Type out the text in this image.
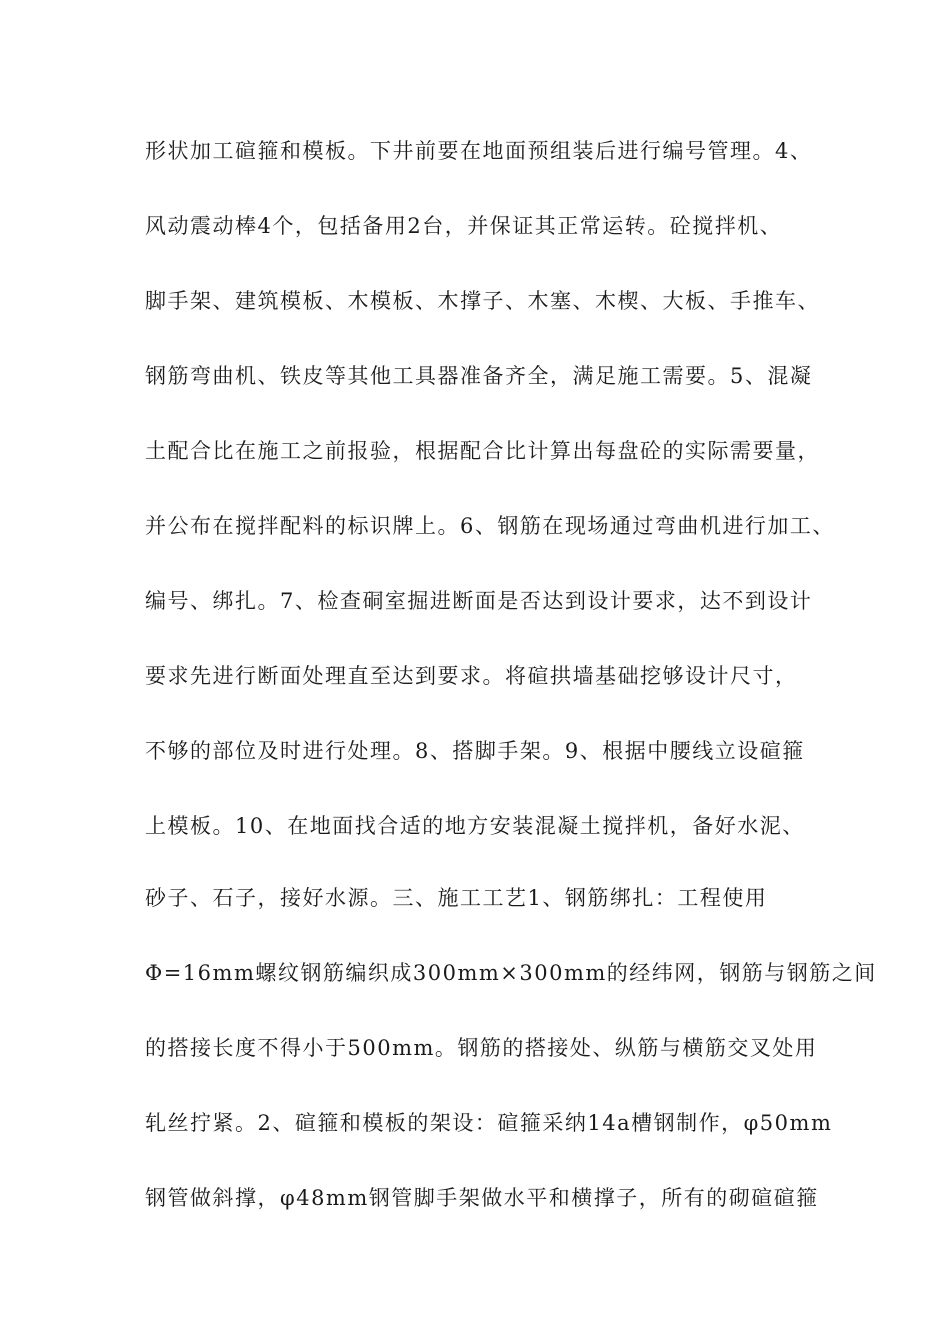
形状加工碹箍和模板。下井前要在地面预组装后进行编号管理。4、
风动震动棒4个，包括备用2台，并保证其正常运转。砼搅拌机、
脚手架、建筑模板、木模板、木撑子、木塞、木楔、大板、手推车、
钢筋弯曲机、铁皮等其他工具器准备齐全，满足施工需要。5、混凝
土配合比在施工之前报验，根据配合比计算出每盘砼的实际需要量，
并公布在搅拌配料的标识牌上。6、钢筋在现场通过弯曲机进行加工、
编号、绑扎。7、检查硐室掘进断面是否达到设计要求，达不到设计
要求先进行断面处理直至达到要求。将碹拱墙基础挖够设计尺寸，
不够的部位及时进行处理。8、搭脚手架。9、根据中腰线立设碹箍
上模板。10、在地面找合适的地方安装混凝土搅拌机，备好水泥、
砂子、石子，接好水源。三、施工工艺1、钢筋绑扎：工程使用
Φ=16mm螺纹钢筋编织成300mm×300mm的经纬网，钢筋与钢筋之间
的搭接长度不得小于500mm。钢筋的搭接处、纵筋与横筋交叉处用
轧丝拧紧。2、碹箍和模板的架设：碹箍采纳14a槽钢制作，φ50mm
钢管做斜撑，φ48mm钢管脚手架做水平和横撑子，所有的砌碹碹箍
